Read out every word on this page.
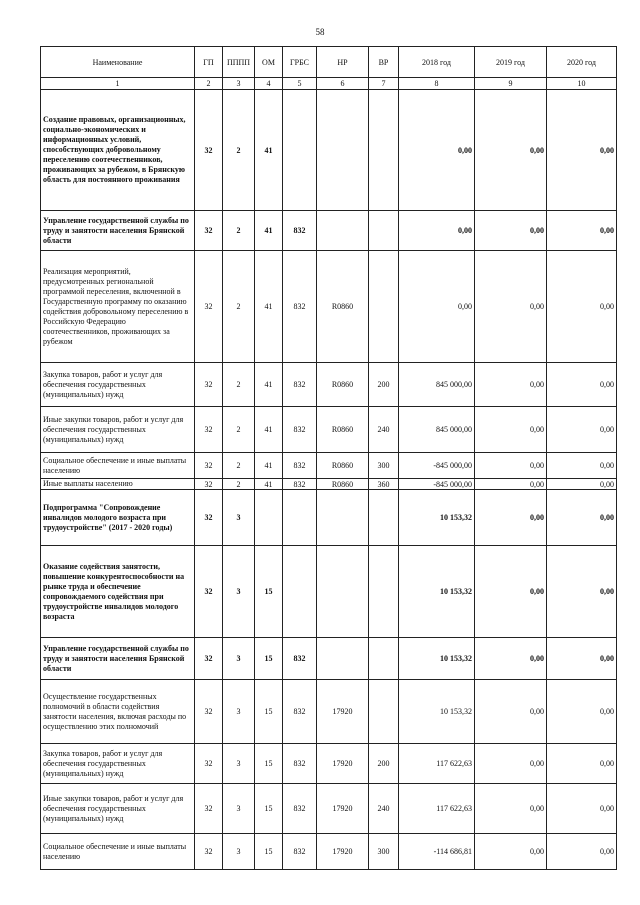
58
Наименование	ГП	ПППП	ОМ	ГРБС	НР	ВР	2018 год	2019 год	2020 год
1	2	3	4	5	6	7	8	9	10
Создание правовых, организационных, социально-экономических и информационных условий, способствующих добровольному переселению соотечественников, проживающих за рубежом, в Брянскую область для постоянного проживания	32	2	41				0,00	0,00	0,00
Управление государственной службы по труду и занятости населения Брянской области	32	2	41	832			0,00	0,00	0,00
Реализация мероприятий, предусмотренных региональной программой переселения, включенной в Государственную программу по оказанию содействия добровольному переселению в Российскую Федерацию соотечественников, проживающих за рубежом	32	2	41	832	R0860		0,00	0,00	0,00
Закупка товаров, работ и услуг для обеспечения государственных (муниципальных) нужд	32	2	41	832	R0860	200	845 000,00	0,00	0,00
Иные закупки товаров, работ и услуг для обеспечения государственных (муниципальных) нужд	32	2	41	832	R0860	240	845 000,00	0,00	0,00
Социальное обеспечение и иные выплаты населению	32	2	41	832	R0860	300	-845 000,00	0,00	0,00
Иные выплаты населению	32	2	41	832	R0860	360	-845 000,00	0,00	0,00
Подпрограмма "Сопровождение инвалидов молодого возраста при трудоустройстве" (2017 - 2020 годы)	32	3					10 153,32	0,00	0,00
Оказание содействия занятости, повышение конкурентоспособности на рынке труда и обеспечение сопровождаемого содействия при трудоустройстве инвалидов молодого возраста	32	3	15				10 153,32	0,00	0,00
Управление государственной службы по труду и занятости населения Брянской области	32	3	15	832			10 153,32	0,00	0,00
Осуществление государственных полномочий в области содействия занятости населения, включая расходы по осуществлению этих полномочий	32	3	15	832	17920		10 153,32	0,00	0,00
Закупка товаров, работ и услуг для обеспечения государственных (муниципальных) нужд	32	3	15	832	17920	200	117 622,63	0,00	0,00
Иные закупки товаров, работ и услуг для обеспечения государственных (муниципальных) нужд	32	3	15	832	17920	240	117 622,63	0,00	0,00
Социальное обеспечение и иные выплаты населению	32	3	15	832	17920	300	-114 686,81	0,00	0,00
